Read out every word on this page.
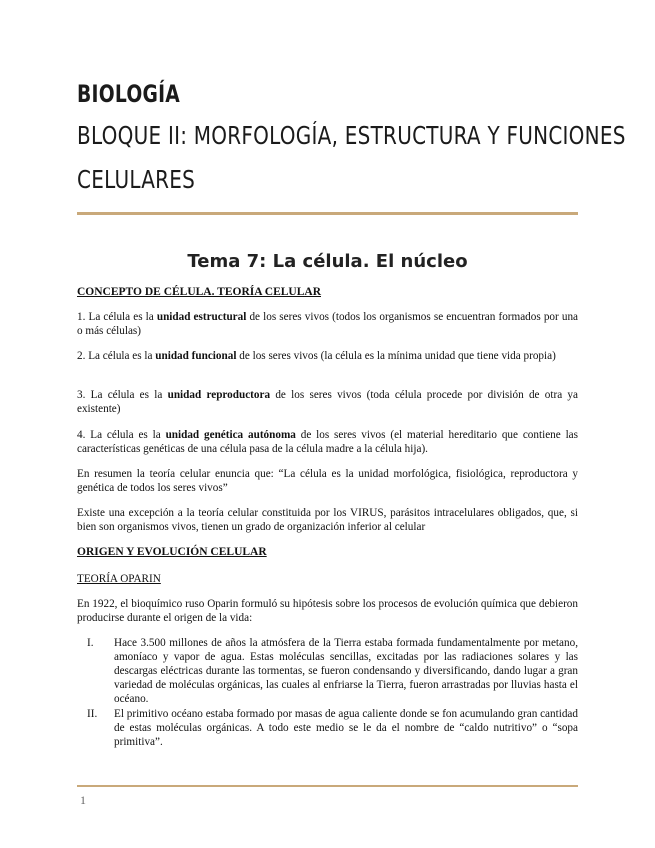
BIOLOGÍA
BLOQUE II: MORFOLOGÍA, ESTRUCTURA Y FUNCIONES
CELULARES
Tema 7: La célula. El núcleo
CONCEPTO DE CÉLULA. TEORÍA CELULAR
1. La célula es la unidad estructural de los seres vivos (todos los organismos se encuentran formados por una o más células)
2. La célula es la unidad funcional de los seres vivos (la célula es la mínima unidad que tiene vida propia)
3. La célula es la unidad reproductora de los seres vivos (toda célula procede por división de otra ya existente)
4. La célula es la unidad genética autónoma de los seres vivos (el material hereditario que contiene las características genéticas de una célula pasa de la célula madre a la célula hija).
En resumen la teoría celular enuncia que: “La célula es la unidad morfológica, fisiológica, reproductora y genética de todos los seres vivos”
Existe una excepción a la teoría celular constituida por los VIRUS, parásitos intracelulares obligados, que, si bien son organismos vivos, tienen un grado de organización inferior al celular
ORIGEN Y EVOLUCIÓN CELULAR
TEORÍA OPARIN
En 1922, el bioquímico ruso Oparin formuló su hipótesis sobre los procesos de evolución química que debieron producirse durante el origen de la vida:
I. Hace 3.500 millones de años la atmósfera de la Tierra estaba formada fundamentalmente por metano, amoníaco y vapor de agua. Estas moléculas sencillas, excitadas por las radiaciones solares y las descargas eléctricas durante las tormentas, se fueron condensando y diversificando, dando lugar a gran variedad de moléculas orgánicas, las cuales al enfriarse la Tierra, fueron arrastradas por lluvias hasta el océano.
II. El primitivo océano estaba formado por masas de agua caliente donde se fon acumulando gran cantidad de estas moléculas orgánicas. A todo este medio se le da el nombre de “caldo nutritivo” o “sopa primitiva”.
1
